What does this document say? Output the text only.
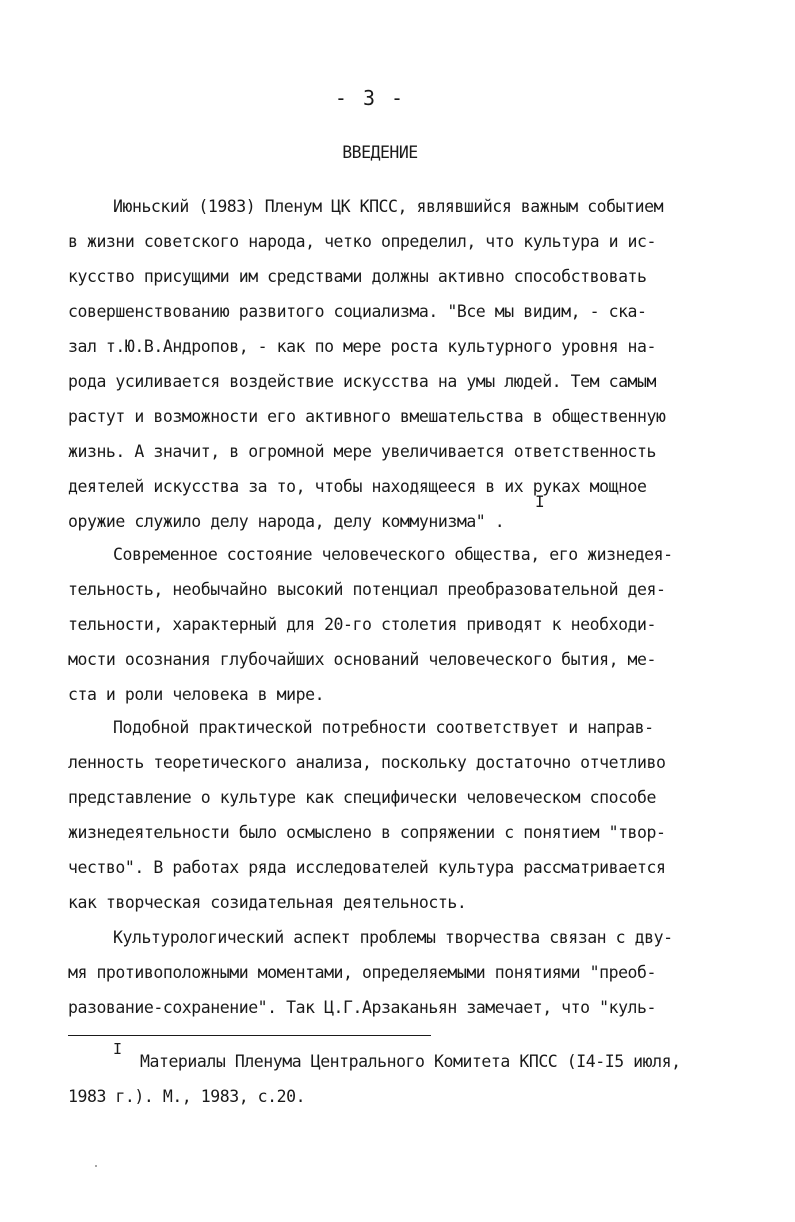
- 3 -
ВВЕДЕНИЕ
Июньский (1983) Пленум ЦК КПСС, являвшийся важным событием
в жизни советского народа, четко определил, что культура и ис-
кусство присущими им средствами должны активно способствовать
совершенствованию развитого социализма. "Все мы видим, - ска-
зал т.Ю.В.Андропов, - как по мере роста культурного уровня на-
рода усиливается воздействие искусства на умы людей. Тем самым
растут и возможности его активного вмешательства в общественную
жизнь. А значит, в огромной мере увеличивается ответственность
деятелей искусства за то, чтобы находящееся в их руках мощное
оружие служило делу народа, делу коммунизма" .
I
Современное состояние человеческого общества, его жизнедея-
тельность, необычайно высокий потенциал преобразовательной дея-
тельности, характерный для 20-го столетия приводят к необходи-
мости осознания глубочайших оснований человеческого бытия, ме-
ста и роли человека в мире.
Подобной практической потребности соответствует и направ-
ленность теоретического анализа, поскольку достаточно отчетливо
представление о культуре как специфически человеческом способе
жизнедеятельности было осмыслено в сопряжении с понятием "твор-
чество". В работах ряда исследователей культура рассматривается
как творческая созидательная деятельность.
Культурологический аспект проблемы творчества связан с дву-
мя противоположными моментами, определяемыми понятиями "преоб-
разование-сохранение". Так Ц.Г.Арзаканьян замечает, что "куль-
I
Материалы Пленума Центрального Комитета КПСС (I4-I5 июля,
1983 г.). М., 1983, с.20.
